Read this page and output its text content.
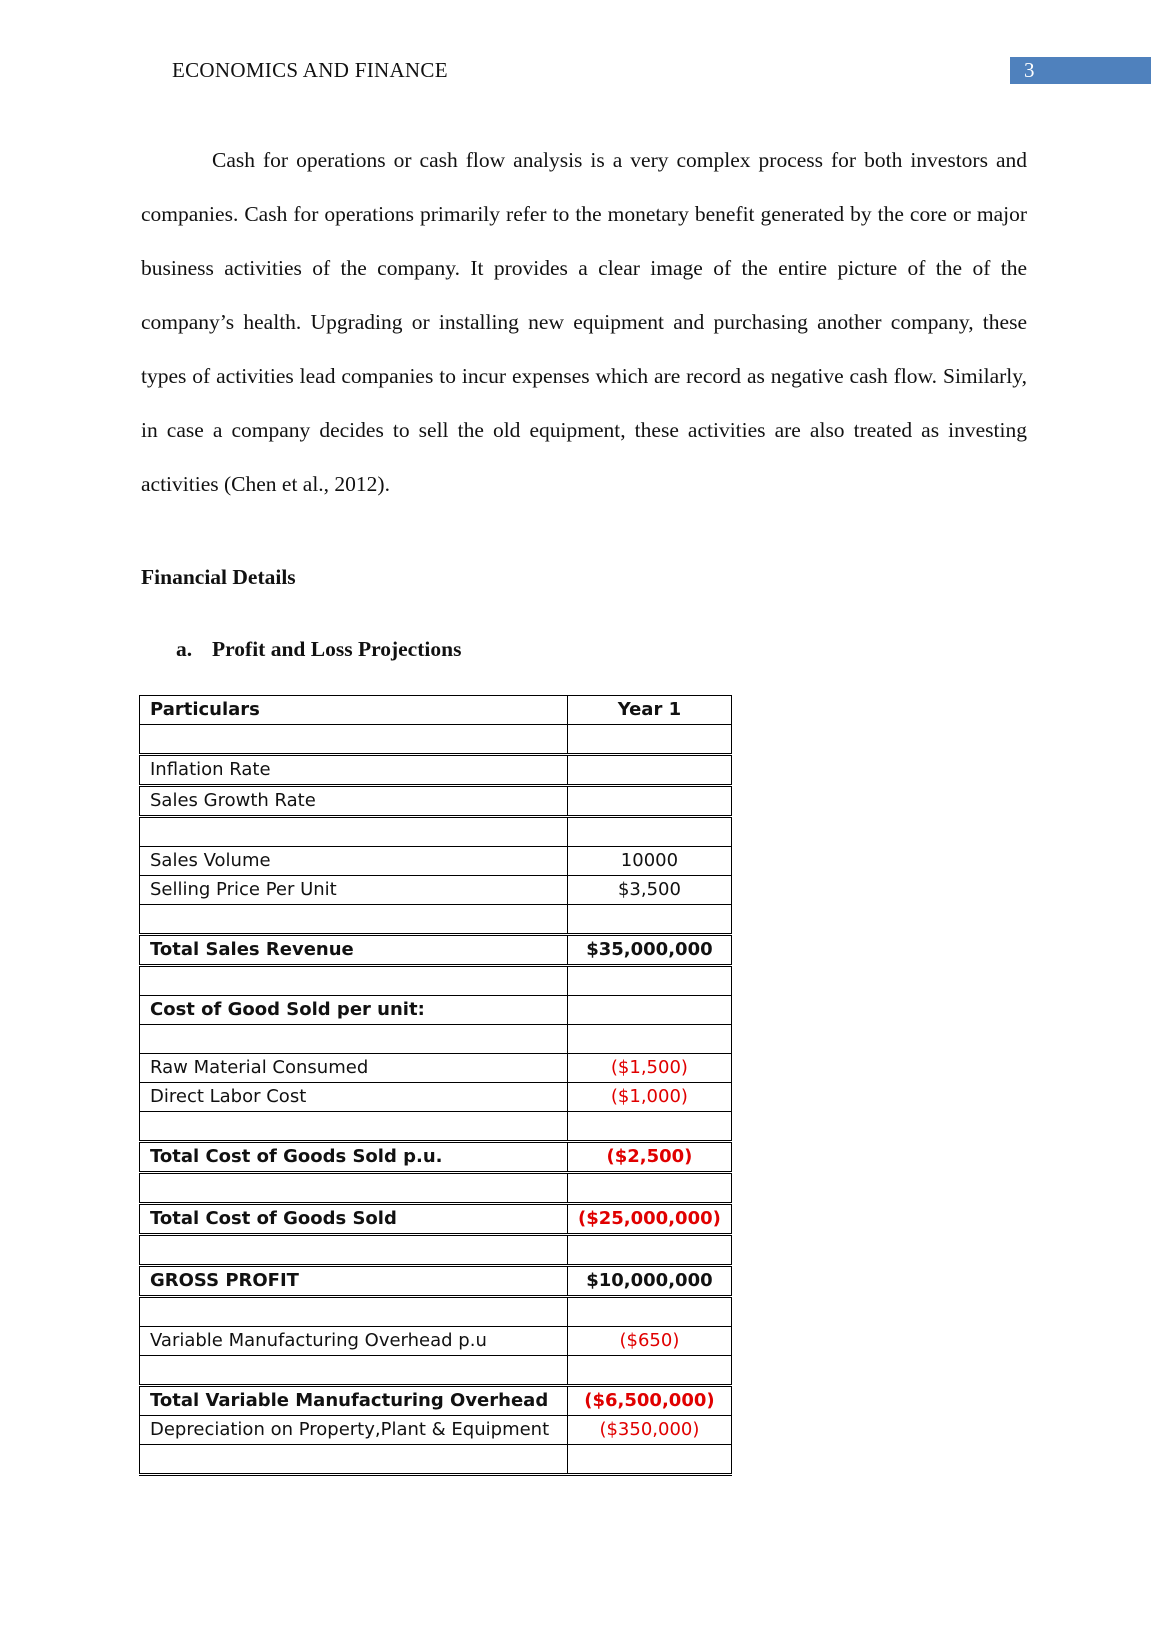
ECONOMICS AND FINANCE	3

Cash for operations or cash flow analysis is a very complex process for both investors and companies. Cash for operations primarily refer to the monetary benefit generated by the core or major business activities of the company. It provides a clear image of the entire picture of the of the company’s health. Upgrading or installing new equipment and purchasing another company, these types of activities lead companies to incur expenses which are record as negative cash flow. Similarly, in case a company decides to sell the old equipment, these activities are also treated as investing activities (Chen et al., 2012).

Financial Details
a. Profit and Loss Projections
Particulars	Year 1

Inflation Rate	
Sales Growth Rate	

Sales Volume	10000
Selling Price Per Unit	$3,500

Total Sales Revenue	$35,000,000

Cost of Good Sold per unit:	

Raw Material Consumed	($1,500)
Direct Labor Cost	($1,000)

Total Cost of Goods Sold p.u.	($2,500)

Total Cost of Goods Sold	($25,000,000)

GROSS PROFIT	$10,000,000

Variable Manufacturing Overhead p.u	($650)

Total Variable Manufacturing Overhead	($6,500,000)
Depreciation on Property,Plant & Equipment	($350,000)
